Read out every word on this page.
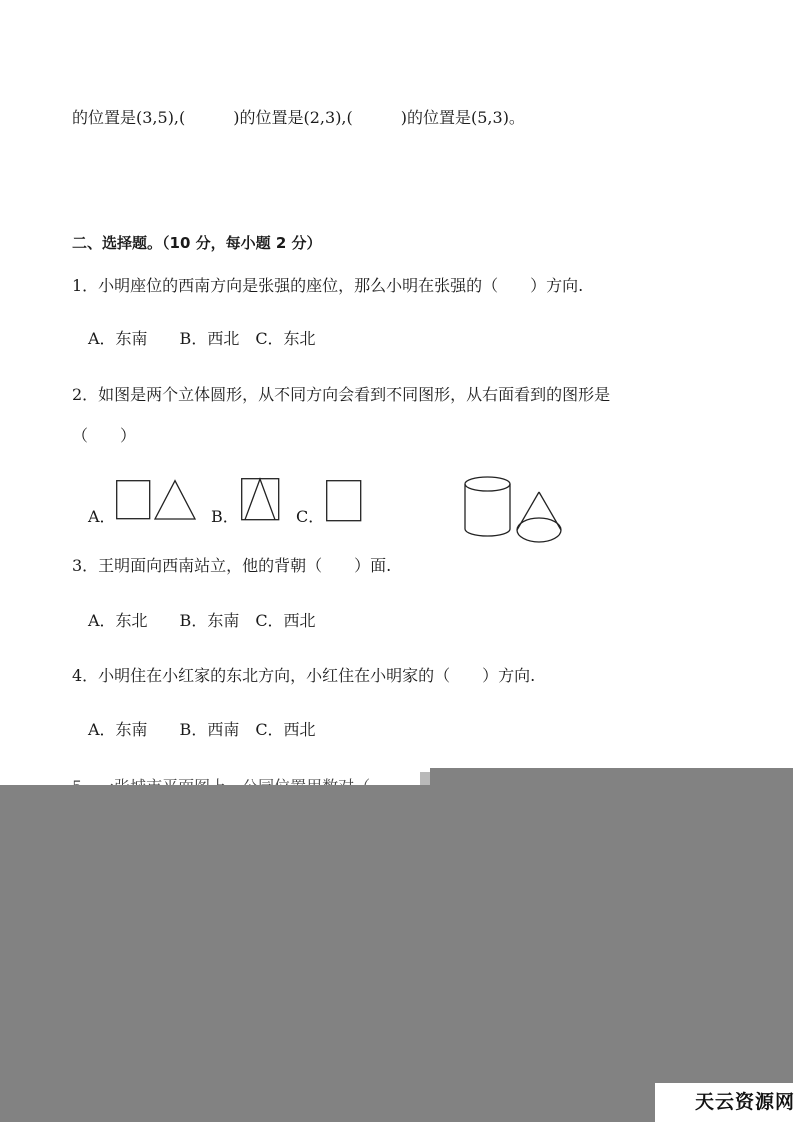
的位置是(3,5),(　　　)的位置是(2,3),(　　　)的位置是(5,3)。
二、选择题。（10 分，每小题 2 分）
1．小明座位的西南方向是张强的座位，那么小明在张强的（　　）方向.
A．东南　　B．西北　C．东北
2．如图是两个立体圆形，从不同方向会看到不同图形，从右面看到的图形是
（　　）
A．	B．	C．
3．王明面向西南站立，他的背朝（　　）面.
A．东北　　B．东南　C．西北
4．小明住在小红家的东北方向，小红住在小明家的（　　）方向.
A．东南　　B．西南　C．西北
天云资源网
